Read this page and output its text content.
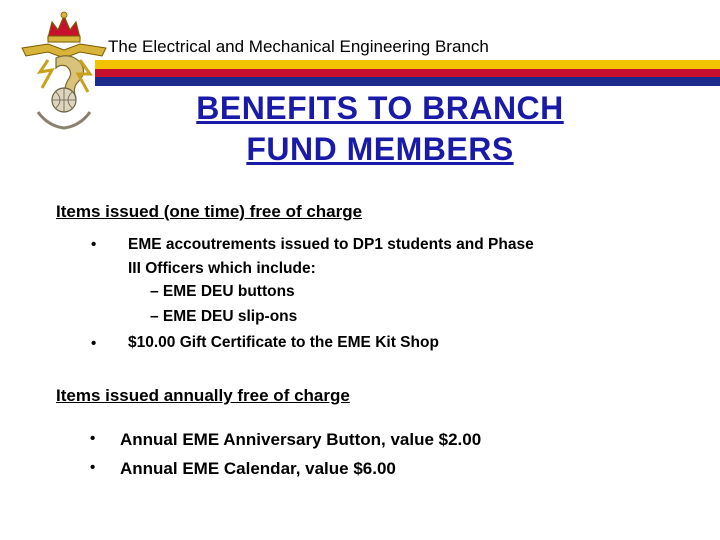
The Electrical and Mechanical Engineering Branch
BENEFITS TO BRANCH
FUND MEMBERS
Items issued (one time) free of charge
• EME accoutrements issued to DP1 students and Phase
III Officers which include:
– EME DEU buttons
– EME DEU slip-ons
• $10.00 Gift Certificate to the EME Kit Shop
Items issued annually free of charge
• Annual EME Anniversary Button, value $2.00
• Annual EME Calendar, value $6.00
